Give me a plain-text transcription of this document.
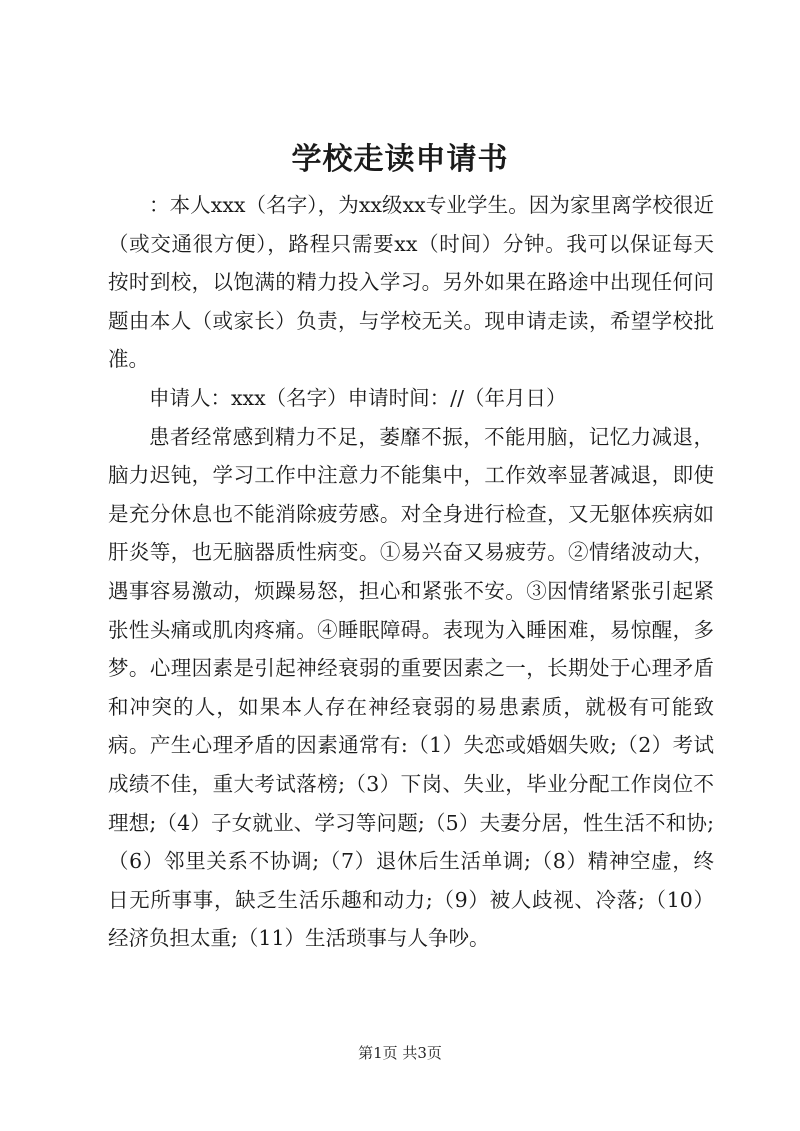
学校走读申请书

：本人xxx（名字），为xx级xx专业学生。因为家里离学校很近（或交通很方便），路程只需要xx（时间）分钟。我可以保证每天按时到校，以饱满的精力投入学习。另外如果在路途中出现任何问题由本人（或家长）负责，与学校无关。现申请走读，希望学校批准。

申请人：xxx（名字）申请时间：//（年月日）

患者经常感到精力不足，萎靡不振，不能用脑，记忆力减退，脑力迟钝，学习工作中注意力不能集中，工作效率显著减退，即使是充分休息也不能消除疲劳感。对全身进行检查，又无躯体疾病如肝炎等，也无脑器质性病变。①易兴奋又易疲劳。②情绪波动大，遇事容易激动，烦躁易怒，担心和紧张不安。③因情绪紧张引起紧张性头痛或肌肉疼痛。④睡眠障碍。表现为入睡困难，易惊醒，多梦。心理因素是引起神经衰弱的重要因素之一，长期处于心理矛盾和冲突的人，如果本人存在神经衰弱的易患素质，就极有可能致病。产生心理矛盾的因素通常有:（1）失恋或婚姻失败;（2）考试成绩不佳，重大考试落榜;（3）下岗、失业，毕业分配工作岗位不理想;（4）子女就业、学习等问题;（5）夫妻分居，性生活不和协;（6）邻里关系不协调;（7）退休后生活单调;（8）精神空虚，终日无所事事，缺乏生活乐趣和动力;（9）被人歧视、冷落;（10）经济负担太重;（11）生活琐事与人争吵。

第1页 共3页
